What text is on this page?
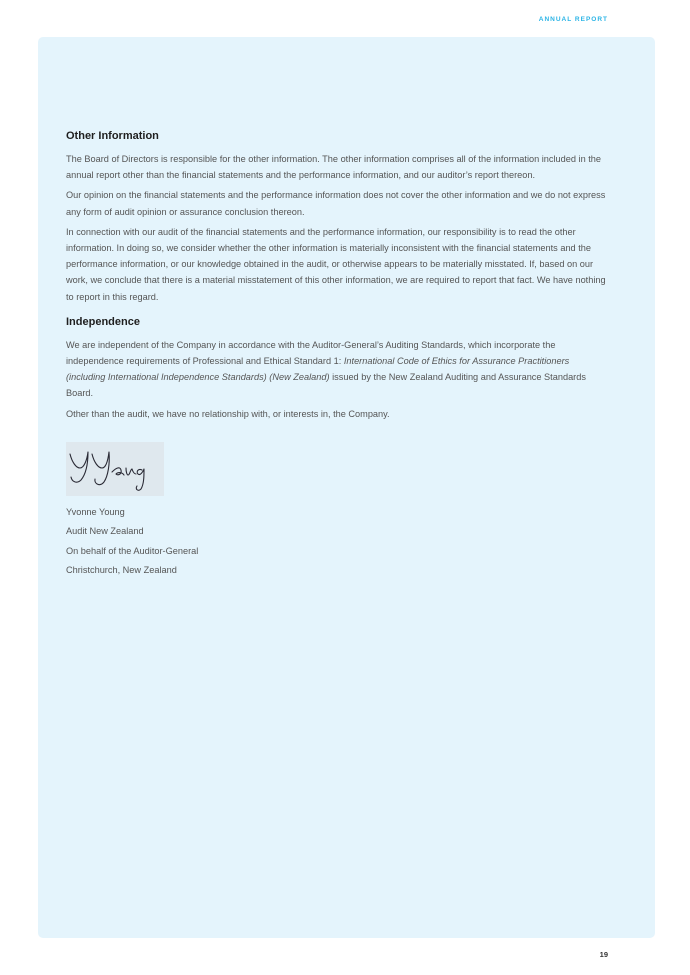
ANNUAL REPORT
Other Information

The Board of Directors is responsible for the other information. The other information comprises all of the information included in the annual report other than the financial statements and the performance information, and our auditor’s report thereon.

Our opinion on the financial statements and the performance information does not cover the other information and we do not express any form of audit opinion or assurance conclusion thereon.

In connection with our audit of the financial statements and the performance information, our responsibility is to read the other information. In doing so, we consider whether the other information is materially inconsistent with the financial statements and the performance information, or our knowledge obtained in the audit, or otherwise appears to be materially misstated. If, based on our work, we conclude that there is a material misstatement of this other information, we are required to report that fact. We have nothing to report in this regard.

Independence

We are independent of the Company in accordance with the Auditor-General’s Auditing Standards, which incorporate the independence requirements of Professional and Ethical Standard 1: International Code of Ethics for Assurance Practitioners (including International Independence Standards) (New Zealand) issued by the New Zealand Auditing and Assurance Standards Board.

Other than the audit, we have no relationship with, or interests in, the Company.

Yvonne Young

Audit New Zealand

On behalf of the Auditor-General

Christchurch, New Zealand

19
